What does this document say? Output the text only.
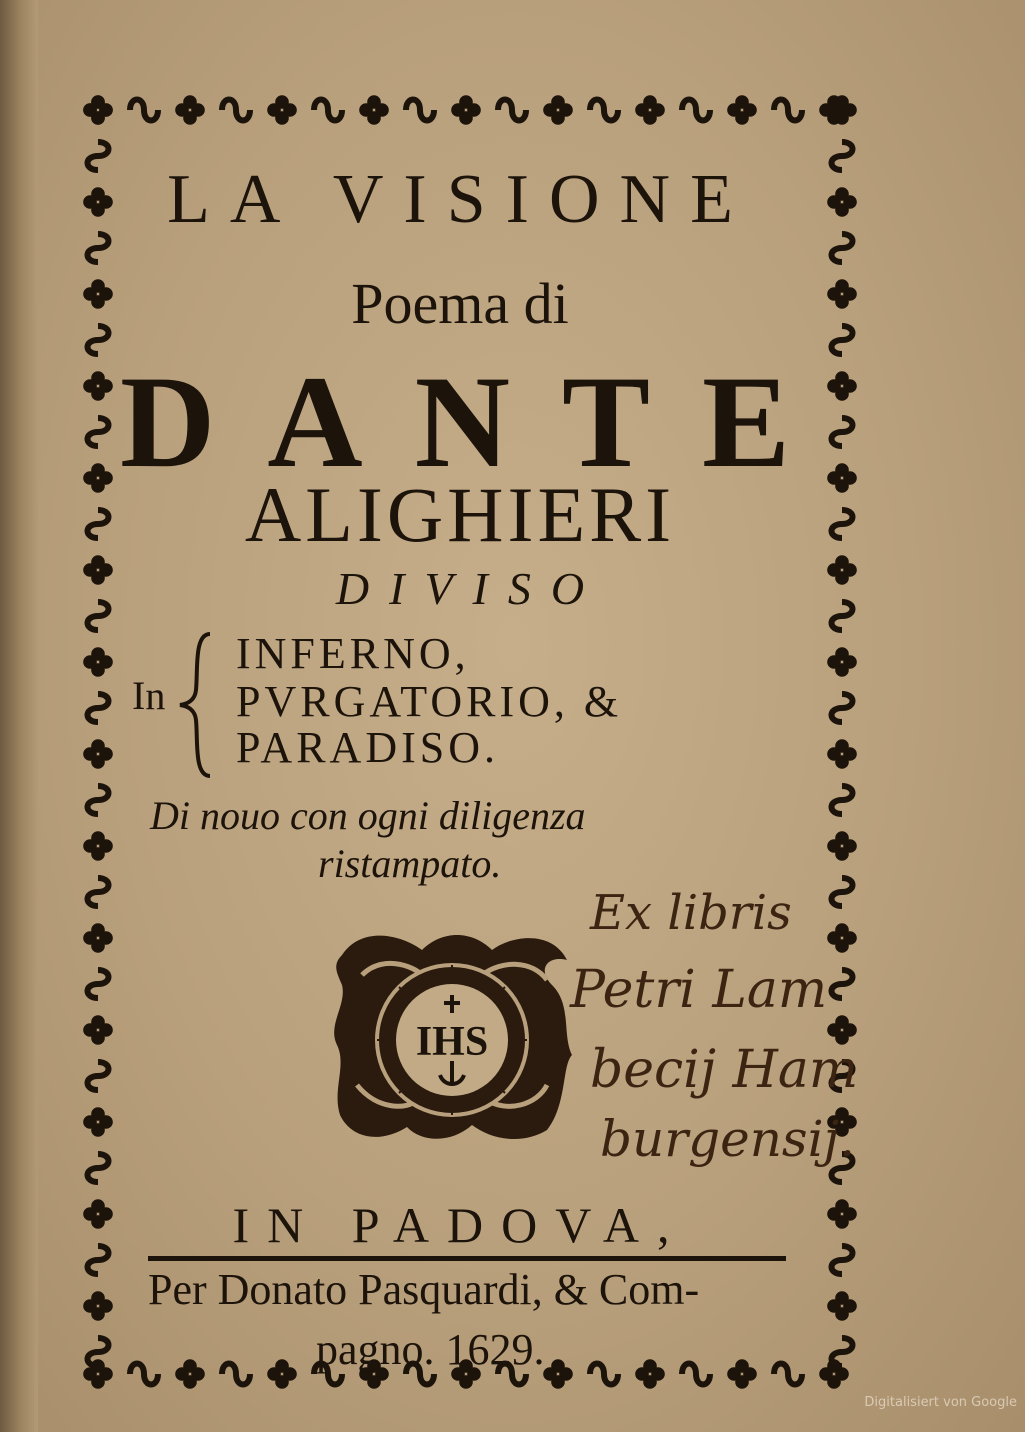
LA VISIONE
Poema di
DANTE
ALIGHIERI
DIVISO
In
INFERNO,
PVRGATORIO, &
PARADISO.
Di nouo con ogni diligenza
ristampato.
IHS
Ex libris
Petri Lam
becij Ham
burgensij.
IN PADOVA,
Per Donato Pasquardi, & Com-
pagno. 1629.
Digitalisiert von Google
